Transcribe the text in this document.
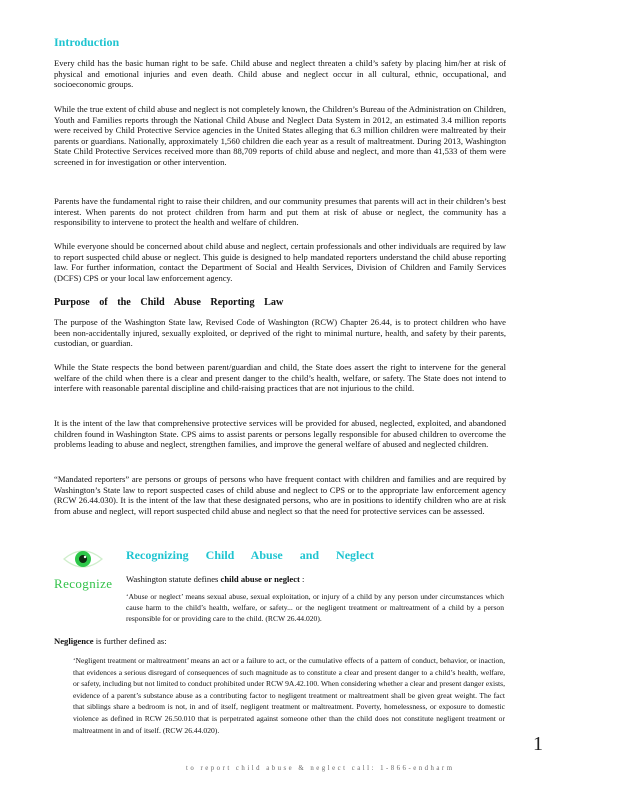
Introduction

Every child has the basic human right to be safe. Child abuse and neglect threaten a child’s safety by placing him/her at risk of physical and emotional injuries and even death. Child abuse and neglect occur in all cultural, ethnic, occupational, and socioeconomic groups.

While the true extent of child abuse and neglect is not completely known, the Children’s Bureau of the Administration on Children, Youth and Families reports through the National Child Abuse and Neglect Data System in 2012, an estimated 3.4 million reports were received by Child Protective Service agencies in the United States alleging that 6.3 million children were maltreated by their parents or guardians. Nationally, approximately 1,560 children die each year as a result of maltreatment. During 2013, Washington State Child Protective Services received more than 88,709 reports of child abuse and neglect, and more than 41,533 of them were screened in for investigation or other intervention.

Parents have the fundamental right to raise their children, and our community presumes that parents will act in their children’s best interest. When parents do not protect children from harm and put them at risk of abuse or neglect, the community has a responsibility to intervene to protect the health and welfare of children.

While everyone should be concerned about child abuse and neglect, certain professionals and other individuals are required by law to report suspected child abuse or neglect. This guide is designed to help mandated reporters understand the child abuse reporting law. For further information, contact the Department of Social and Health Services, Division of Children and Family Services (DCFS) CPS or your local law enforcement agency.

Purpose of the Child Abuse Reporting Law

The purpose of the Washington State law, Revised Code of Washington (RCW) Chapter 26.44, is to protect children who have been non-accidentally injured, sexually exploited, or deprived of the right to minimal nurture, health, and safety by their parents, custodian, or guardian.

While the State respects the bond between parent/guardian and child, the State does assert the right to intervene for the general welfare of the child when there is a clear and present danger to the child’s health, welfare, or safety. The State does not intend to interfere with reasonable parental discipline and child-raising practices that are not injurious to the child.

It is the intent of the law that comprehensive protective services will be provided for abused, neglected, exploited, and abandoned children found in Washington State. CPS aims to assist parents or persons legally responsible for abused children to overcome the problems leading to abuse and neglect, strengthen families, and improve the general welfare of abused and neglected children.

“Mandated reporters” are persons or groups of persons who have frequent contact with children and families and are required by Washington’s State law to report suspected cases of child abuse and neglect to CPS or to the appropriate law enforcement agency (RCW 26.44.030). It is the intent of the law that these designated persons, who are in positions to identify children who are at risk from abuse and neglect, will report suspected child abuse and neglect so that the need for protective services can be assessed.

Recognize
Recognizing Child Abuse and Neglect
Washington statute defines child abuse or neglect :

‘Abuse or neglect’ means sexual abuse, sexual exploitation, or injury of a child by any person under circumstances which cause harm to the child’s health, welfare, or safety... or the negligent treatment or maltreatment of a child by a person responsible for or providing care to the child. (RCW 26.44.020).

Negligence is further defined as:

‘Negligent treatment or maltreatment’ means an act or a failure to act, or the cumulative effects of a pattern of conduct, behavior, or inaction, that evidences a serious disregard of consequences of such magnitude as to constitute a clear and present danger to a child’s health, welfare, or safety, including but not limited to conduct prohibited under RCW 9A.42.100. When considering whether a clear and present danger exists, evidence of a parent’s substance abuse as a contributing factor to negligent treatment or maltreatment shall be given great weight. The fact that siblings share a bedroom is not, in and of itself, negligent treatment or maltreatment. Poverty, homelessness, or exposure to domestic violence as defined in RCW 26.50.010 that is perpetrated against someone other than the child does not constitute negligent treatment or maltreatment in and of itself. (RCW 26.44.020).

1
to report child abuse & neglect call: 1-866-endharm
